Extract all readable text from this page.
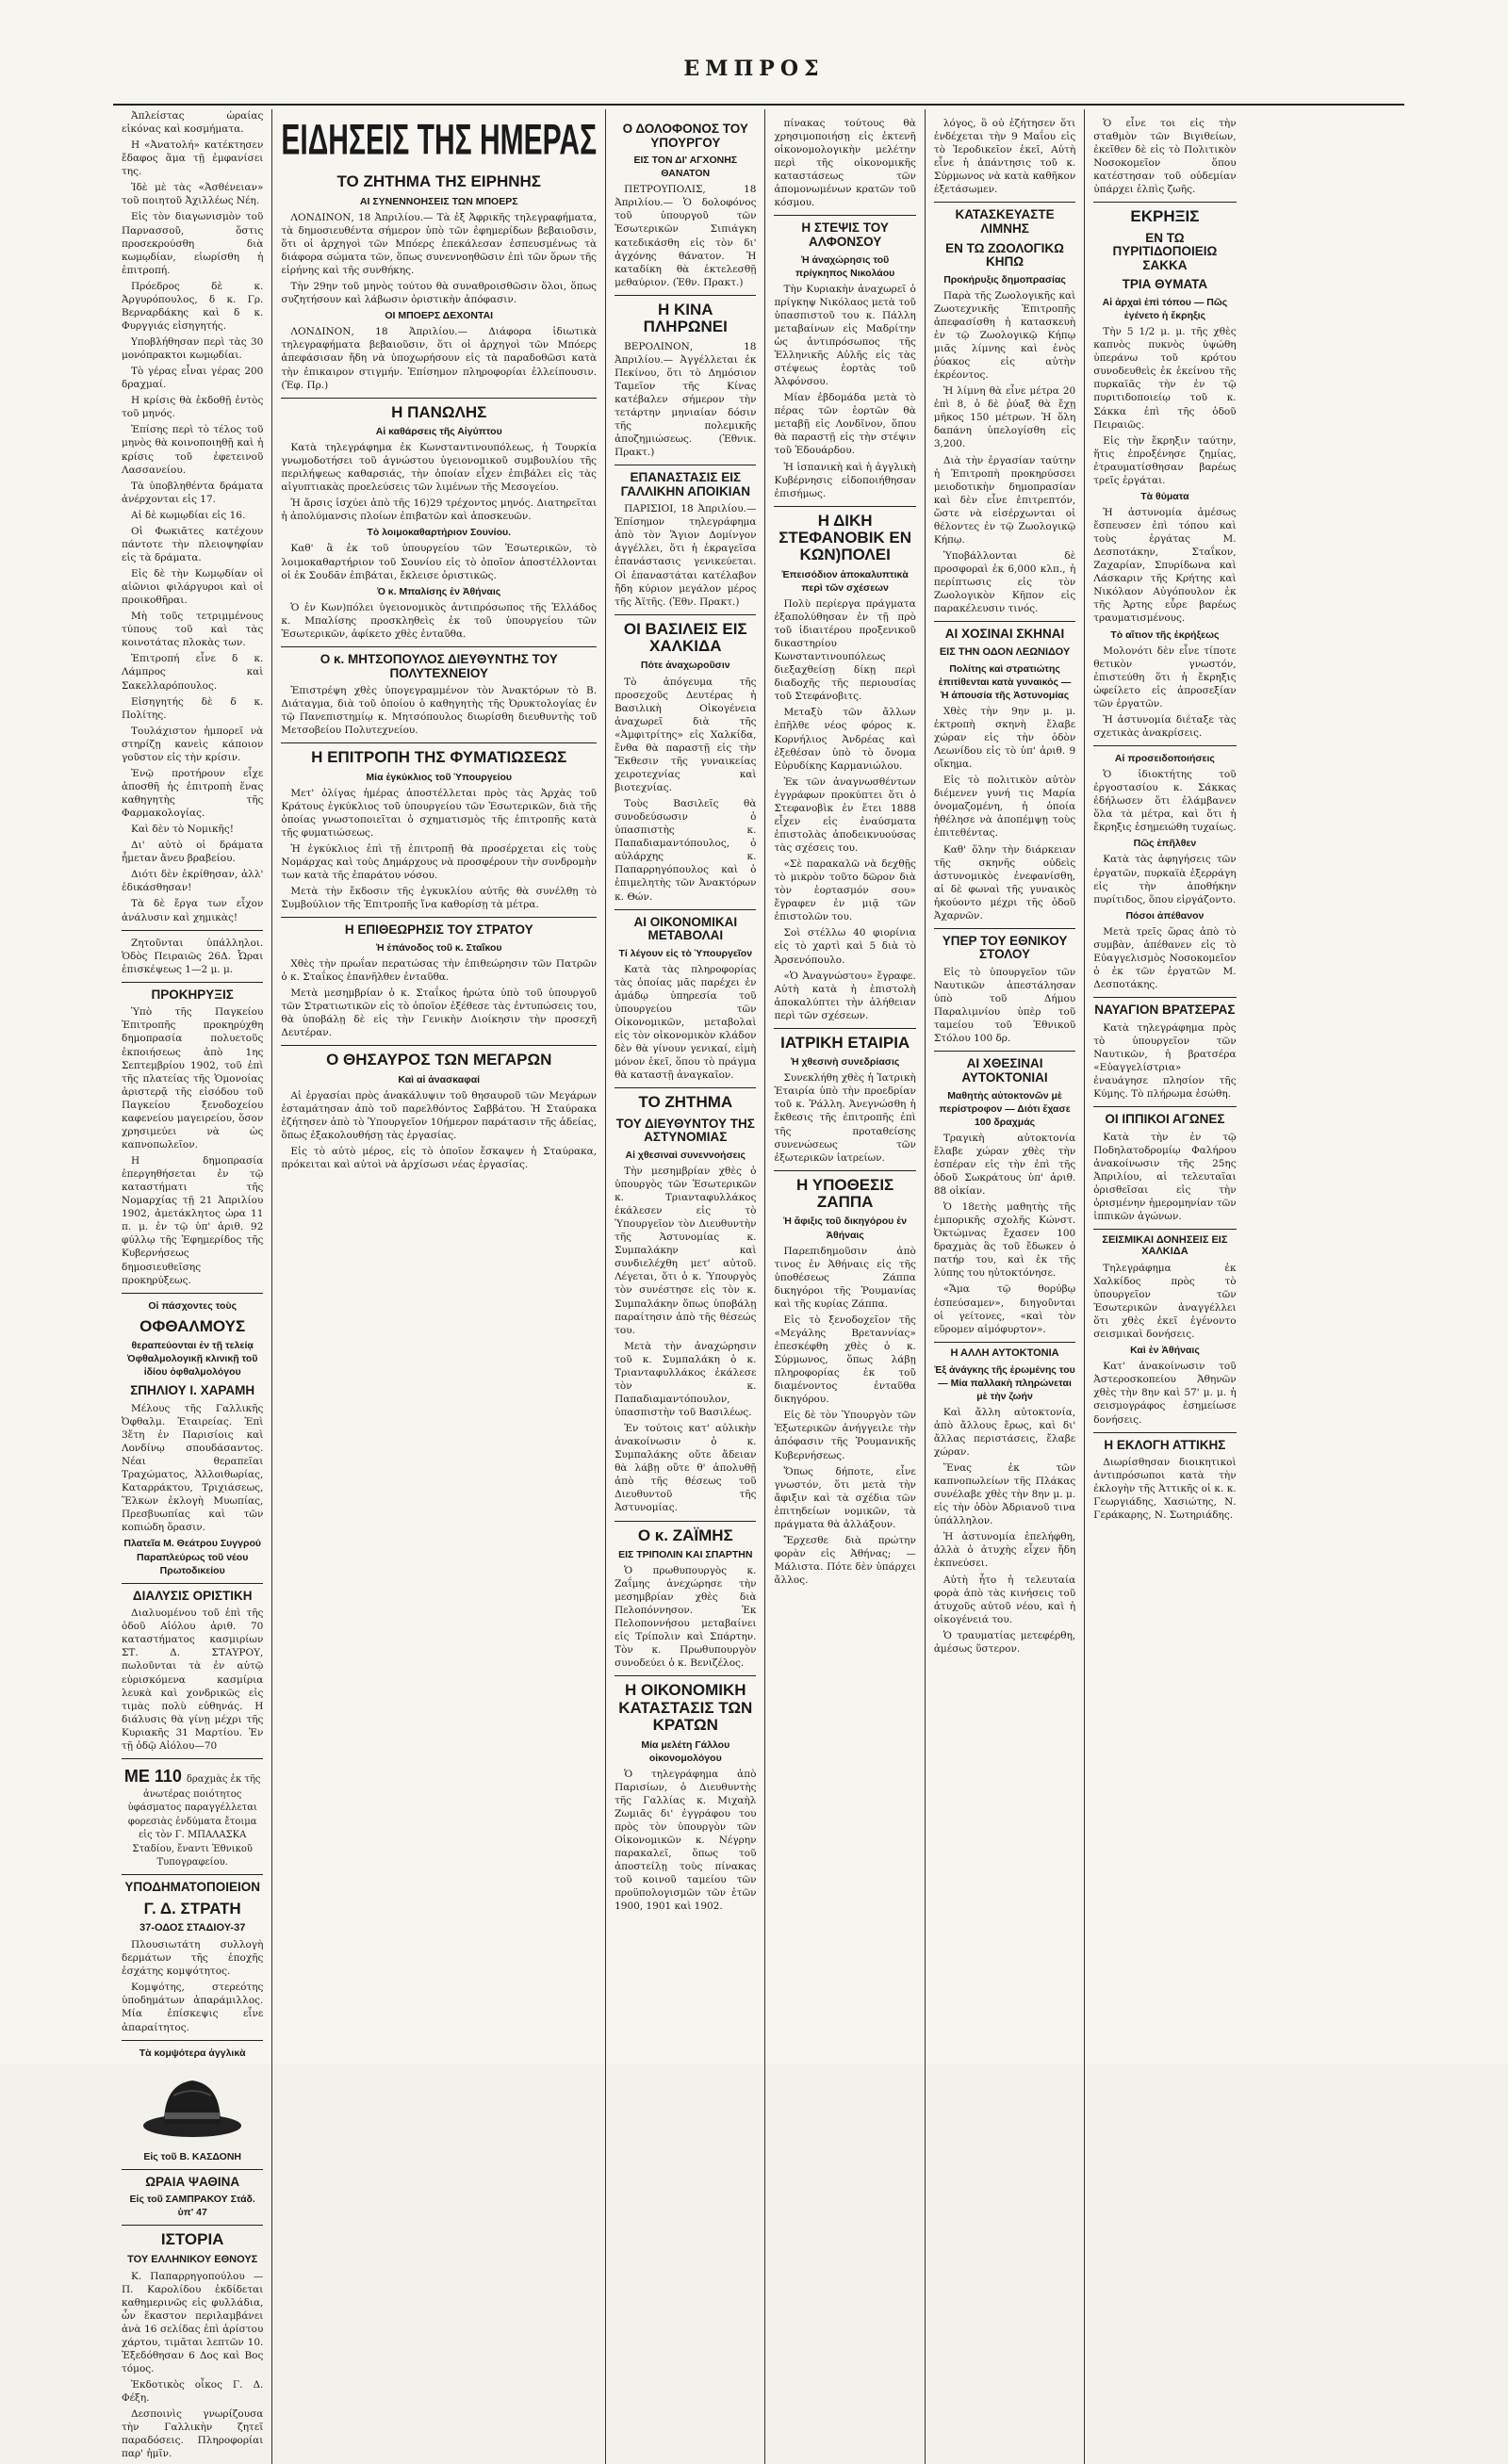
ΕΜΠΡΟΣ

Ἀπλείστας ὡραίας εἰκόνας καὶ κοσμήματα.

Η «Ἀνατολή» κατέκτησεν ἔδαφος ἅμα τῇ ἐμφανίσει της.

Ἰδὲ μὲ τὰς «Ἀσθένειαν» τοῦ ποιητοῦ Ἀχιλλέως Νέη.

Εἰς τὸν διαγωνισμὸν τοῦ Παρνασσοῦ, ὅστις προσεκρούσθη διὰ κωμῳδίαν, εἰωρίσθη ἡ ἐπιτροπή.

Πρόεδρος δὲ κ. Ἀργυρόπουλος, δ κ. Γρ. Βερναρδάκης καὶ δ κ. Φυργγιάς εἰσηγητής.

Υποβλήθησαν περὶ τὰς 30 μονόπρακτοι κωμῳδίαι.

Τὸ γέρας εἶναι γέρας 200 δραχμαί.

Η κρίσις θὰ ἐκδοθῇ ἐντὸς τοῦ μηνός.

Ἐπίσης περὶ τὸ τέλος τοῦ μηνὸς θὰ κοινοποιηθῇ καὶ ἡ κρίσις τοῦ ἐφετεινοῦ Λασσανείου.

Τὰ ὑποβληθέντα δράματα ἀνέρχονται εἰς 17.

Αἱ δὲ κωμῳδίαι εἰς 16.

Οἱ Φωκιᾶτες κατέχουν πάντοτε τὴν πλειοψηφίαν εἰς τὰ δράματα.

Εἰς δὲ τὴν Κωμῳδίαν οἱ αἰῶνιοι φιλάργυροι καὶ οἱ προικοθῆραι.

Μὴ τοῦς τετριμμένους τύπους τοῦ καὶ τὰς κοινοτάτας πλοκὰς των.

Ἐπιτροπή εἶνε δ κ. Λάμπρος καὶ Σακελλαρόπουλος.

Εἰσηγητής δὲ δ κ. Πολίτης.

Τουλάχιστον ἠμπορεῖ νὰ στηρίζῃ κανεὶς κάποιον γοῦστον εἰς τὴν κρίσιν.

Ἐνῷ προτήρουν εἶχε ἀποσθῆ ἡς ἐπιτροπὴ ἕνας καθηγητὴς τῆς Φαρμακολογίας.

Καὶ δὲν τὸ Νομικῆς!

Δι' αὐτὸ οἱ δράματα ἦμεταν ἄνευ βραβείου.

Διότι δὲν ἐκρίθησαν, ἀλλ' ἐδικάσθησαν!

Τὰ δὲ ἔργα των εἶχον ἀνάλυσιν καὶ χημικὰς!

Ζητοῦνται ὑπάλληλοι. Ὁδὸς Πειραιῶς 26Δ. Ὧραι ἐπισκέψεως 1—2 μ. μ.

ΠΡΟΚΗΡΥΞΙΣ

Ὑπὸ τῆς Παγκείου Ἐπιτροπῆς προκηρύχθη δημοπρασία πολυετοῦς ἐκποιήσεως ἀπὸ 1ης Σεπτεμβρίου 1902, τοῦ ἐπὶ τῆς πλατείας τῆς Ὁμονοίας ἀριστερᾷ τῆς εἰσόδου τοῦ Παγκείου ξενοδοχείου καφενείου μαγειρείου, ὅσον χρησιμεύει νὰ ὡς καπνοπωλεῖον.

Η δημοπρασία ἐπεργηθήσεται ἐν τῷ καταστήματι τῆς Νομαρχίας τῇ 21 Ἀπριλίου 1902, ἀμετάκλητος ὡρα 11 π. μ. ἐν τῷ ὑπ' ἀριθ. 92 φύλλῳ τῆς Ἐφημερίδος τῆς Κυβερνήσεως δημοσιευθεῖσης προκηρύξεως.

Οἱ πάσχοντες τοὺς
ΟΦΘΑΛΜΟΥΣ
θεραπεύονται ἐν τῇ τελείᾳ Ὀφθαλμολογικῇ κλινικῇ τοῦ ἰδίου ὀφθαλμολόγου
ΣΠΗΛΙΟΥ Ι. ΧΑΡΑΜΗ

Μέλους τῆς Γαλλικῆς Ὀφθαλμ. Ἑταιρείας. Ἐπὶ 3ἔτη ἐν Παρισίοις καὶ Λονδίνῳ σπουδάσαντος. Νέαι θεραπεῖαι Τραχώματος, Ἀλλοιθωρίας, Καταρράκτου, Τριχιάσεως, Ἕλκων ἐκλογὴ Μυωπίας, Πρεσβυωπίας καὶ τῶν κοπιώδη ὅρασιν.

Πλατεῖα Μ. Θεάτρου Συγγρού Παραπλεύρως τοῦ νέου Πρωτοδικείου
ΔΙΑΛΥΣΙΣ ΟΡΙΣΤΙΚΗ

Διαλυομένου τοῦ ἐπὶ τῆς ὁδοῦ Αἰόλου ἀριθ. 70 καταστήματος κασμιρίων ΣΤ. Δ. ΣΤΑΥΡΟΥ, πωλοῦνται τὰ ἐν αὐτῷ εὑρισκόμενα κασμίρια λευκὰ καὶ χονδρικῶς εἰς τιμὰς πολὺ εὐθηνάς. Η διάλυσις θὰ γίνῃ μέχρι τῆς Κυριακῆς 31 Μαρτίου. Ἐν τῇ ὁδῷ Αἰόλου—70

ΜΕ 110 δραχμὰς ἐκ τῆς ἀνωτέρας ποιότητος ὑφάσματος παραγγέλλεται φορεσιὰς ἐνδύματα ἔτοιμα εἰς τὸν Γ. ΜΠΑΛΑΣΚΑ Σταδίου, ἔναντι Ἐθνικοῦ Τυπογραφείου.
ΥΠΟΔΗΜΑΤΟΠΟΙΕΙΟΝ
Γ. Δ. ΣΤΡΑΤΗ
37-ΟΔΟΣ ΣΤΑΔΙΟΥ-37

Πλουσιωτάτη συλλογὴ δερμάτων τῆς ἐποχῆς ἐσχάτης κομψότητος.

Κομψότης, στερεότης ὑποδημάτων ἀπαράμιλλος. Μία ἐπίσκεψις εἶνε ἀπαραίτητος.

Τὰ κομψότερα ἀγγλικὰ
Εἰς τοῦ Β. ΚΑΣΔΟΝΗ
ΩΡΑΙΑ ΨΑΘΙΝΑ
Εἰς τοῦ ΣΑΜΠΡΑΚΟΥ Στάδ. ὑπ' 47
ΙΣΤΟΡΙΑ
ΤΟΥ ΕΛΛΗΝΙΚΟΥ ΕΘΝΟΥΣ

Κ. Παπαρρηγοπούλου — Π. Καρολίδου ἐκδίδεται καθημερινῶς εἰς φυλλάδια, ὧν ἕκαστον περιλαμβάνει ἀνὰ 16 σελίδας ἐπὶ ἀρίστου χάρτου, τιμᾶται λεπτῶν 10. Ἐξεδόθησαν 6 Δος καὶ Βος τόμος.

Ἐκδοτικὸς οἶκος Γ. Δ. Φέξη.

Δεσποινὶς γνωρίζουσα τὴν Γαλλικὴν ζητεῖ παραδόσεις. Πληροφορίαι παρ' ἡμῖν.

ΕΙΔΗΣΕΙΣ ΤΗΣ ΗΜΕΡΑΣ
ΤΟ ΖΗΤΗΜΑ ΤΗΣ ΕΙΡΗΝΗΣ
ΑΙ ΣΥΝΕΝΝΟΗΣΕΙΣ ΤΩΝ ΜΠΟΕΡΣ

ΛΟΝΔΙΝΟΝ, 18 Ἀπριλίου.— Τὰ ἐξ Ἀφρικῆς τηλεγραφήματα, τὰ δημοσιευθέντα σήμερον ὑπὸ τῶν ἐφημερίδων βεβαιοῦσιν, ὅτι οἱ ἀρχηγοὶ τῶν Μπόερς ἐπεκάλεσαν ἐσπευσμένως τὰ διάφορα σώματα τῶν, ὅπως συνεννοηθῶσιν ἐπὶ τῶν ὅρων τῆς εἰρήνης καὶ τῆς συνθήκης.

Τὴν 29ην τοῦ μηνὸς τούτου θὰ συναθροισθῶσιν ὅλοι, ὅπως συζητήσουν καὶ λάβωσιν ὁριστικὴν ἀπόφασιν.

ΟΙ ΜΠΟΕΡΣ ΔΕΧΟΝΤΑΙ

ΛΟΝΔΙΝΟΝ, 18 Ἀπριλίου.— Διάφορα ἰδιωτικὰ τηλεγραφήματα βεβαιοῦσιν, ὅτι οἱ ἀρχηγοὶ τῶν Μπόερς ἀπεφάσισαν ἤδη νὰ ὑποχωρήσουν εἰς τὰ παραδοθῶσι κατὰ τὴν ἐπικαιρον στιγμήν. Ἐπίσημον πληροφορίαι ἐλλείπουσιν. (Ἐφ. Πρ.)

Η ΠΑΝΩΛΗΣ
Αἱ καθάρσεις τῆς Αἰγύπτου

Κατὰ τηλεγράφημα ἐκ Κωνσταντινουπόλεως, ἡ Τουρκία γνωμοδοτήσει τοῦ ἀγνώστου ὑγειονομικοῦ συμβουλίου τῆς περιλήψεως καθαρσιάς, τὴν ὁποίαν εἶχεν ἐπιβάλει εἰς τὰς αἰγυπτιακὰς προελεύσεις τῶν λιμένων τῆς Μεσογείου.

Ἡ ἄρσις ἰσχύει ἀπὸ τῆς 16)29 τρέχοντος μηνός. Διατηρεῖται ἡ ἀπολύμανσις πλοίων ἐπιβατῶν καὶ ἀποσκευῶν.

Τὸ λοιμοκαθαρτήριον Σουνίου.

Καθ' ἃ ἐκ τοῦ ὑπουργείου τῶν Ἐσωτερικῶν, τὸ λοιμοκαθαρτήριον τοῦ Σουνίου εἰς τὸ ὁποῖον ἀποστέλλονται οἱ ἐκ Σουδᾶν ἐπιβάται, ἔκλεισε ὁριστικῶς.

Ὁ κ. Μπαλίσης ἐν Ἀθήναις

Ὁ ἐν Κων)πόλει ὑγειονομικὸς ἀντιπρόσωπος τῆς Ἑλλάδος κ. Μπαλίσης προσκληθεὶς ἐκ τοῦ ὑπουργείου τῶν Ἐσωτερικῶν, ἀφίκετο χθὲς ἐνταῦθα.

Ο κ. ΜΗΤΣΟΠΟΥΛΟΣ ΔΙΕΥΘΥΝΤΗΣ ΤΟΥ ΠΟΛΥΤΕΧΝΕΙΟΥ

Ἐπιστρέψη χθὲς ὑπογεγραμμένον τὸν Ἀνακτόρων τὸ Β. Διάταγμα, διὰ τοῦ ὁποίου ὁ καθηγητὴς τῆς Ὀρυκτολογίας ἐν τῷ Πανεπιστημίῳ κ. Μητσόπουλος διωρίσθη διευθυντὴς τοῦ Μετσοβείου Πολυτεχνείου.

Η ΕΠΙΤΡΟΠΗ ΤΗΣ ΦΥΜΑΤΙΩΣΕΩΣ
Μία ἐγκύκλιος τοῦ Ὑπουργείου

Μετ' ὀλίγας ἡμέρας ἀποστέλλεται πρὸς τὰς Ἀρχὰς τοῦ Κράτους ἐγκύκλιος τοῦ ὑπουργείου τῶν Ἐσωτερικῶν, διὰ τῆς ὁποίας γνωστοποιεῖται ὁ σχηματισμὸς τῆς ἐπιτροπῆς κατὰ τῆς φυματιώσεως.

Ἡ ἐγκύκλιος ἐπὶ τῇ ἐπιτροπῇ θὰ προσέρχεται εἰς τοὺς Νομάρχας καὶ τοὺς Δημάρχους νὰ προσφέρουν τὴν συνδρομὴν των κατὰ τῆς ἐπαράτου νόσου.

Μετὰ τὴν ἔκδοσιν τῆς ἐγκυκλίου αὐτῆς θὰ συνέλθῃ τὸ Συμβούλιον τῆς Ἐπιτροπῆς ἵνα καθορίσῃ τὰ μέτρα.

Η ΕΠΙΘΕΩΡΗΣΙΣ ΤΟΥ ΣΤΡΑΤΟΥ
Ἡ ἐπάνοδος τοῦ κ. Σταΐκου

Χθὲς τὴν πρωΐαν περατώσας τὴν ἐπιθεώρησιν τῶν Πατρῶν ὁ κ. Σταΐκος ἐπανῆλθεν ἐνταῦθα.

Μετὰ μεσημβρίαν ὁ κ. Σταΐκος ἠρώτα ὑπὸ τοῦ ὑπουργοῦ τῶν Στρατιωτικῶν εἰς τὸ ὁποῖον ἐξέθεσε τὰς ἐντυπώσεις του, θὰ ὑποβάλῃ δὲ εἰς τὴν Γενικὴν Διοίκησιν τὴν προσεχῆ Δευτέραν.

Ο ΘΗΣΑΥΡΟΣ ΤΩΝ ΜΕΓΑΡΩΝ
Καὶ αἱ ἀνασκαφαί

Αἱ ἐργασίαι πρὸς ἀνακάλυψιν τοῦ θησαυροῦ τῶν Μεγάρων ἐσταμάτησαν ἀπὸ τοῦ παρελθόντος Σαββάτου. Ἡ Σταύρακα ἐζήτησεν ἀπὸ τὸ Ὑπουργεῖον 10ήμερον παράτασιν τῆς ἀδείας, ὅπως ἐξακολουθήσῃ τὰς ἐργασίας.

Εἰς τὸ αὐτὸ μέρος, εἰς τὸ ὁποῖον ἔσκαψεν ἡ Σταύρακα, πρόκειται καὶ αὐτοὶ νὰ ἀρχίσωσι νέας ἐργασίας.

Ο ΔΟΛΟΦΟΝΟΣ ΤΟΥ ΥΠΟΥΡΓΟΥ
ΕΙΣ ΤΟΝ ΔΙ' ΑΓΧΟΝΗΣ ΘΑΝΑΤΟΝ

ΠΕΤΡΟΥΠΟΛΙΣ, 18 Ἀπριλίου.— Ὁ δολοφόνος τοῦ ὑπουργοῦ τῶν Ἐσωτερικῶν Σιπιάγκη κατεδικάσθη εἰς τὸν δι' ἀγχόνης θάνατον. Ἡ καταδίκη θὰ ἐκτελεσθῇ μεθαύριον. (Ἐθν. Πρακτ.)

Η ΚΙΝΑ ΠΛΗΡΩΝΕΙ

ΒΕΡΟΛΙΝΟΝ, 18 Ἀπριλίου.— Ἀγγέλλεται ἐκ Πεκίνου, ὅτι τὸ Δημόσιον Ταμεῖον τῆς Κίνας κατέβαλεν σήμερον τὴν τετάρτην μηνιαίαν δόσιν τῆς πολεμικῆς ἀποζημιώσεως. (Ἐθνικ. Πρακτ.)

ΕΠΑΝΑΣΤΑΣΙΣ ΕΙΣ ΓΑΛΛΙΚΗΝ ΑΠΟΙΚΙΑΝ

ΠΑΡΙΣΙΟΙ, 18 Ἀπριλίου.— Ἐπίσημον τηλεγράφημα ἀπὸ τὸν Ἅγιον Δομίνγον ἀγγέλλει, ὅτι ἡ ἐκραγεῖσα ἐπανάστασις γενικεύεται. Οἱ ἐπαναστάται κατέλαβον ἤδη κύριον μεγάλον μέρος τῆς Ἀϊτῆς. (Ἐθν. Πρακτ.)

ΟΙ ΒΑΣΙΛΕΙΣ ΕΙΣ ΧΑΛΚΙΔΑ
Πότε ἀναχωροῦσιν

Τὸ ἀπόγευμα τῆς προσεχοῦς Δευτέρας ἡ Βασιλικὴ Οἰκογένεια ἀναχωρεῖ διὰ τῆς «Ἀμφιτρίτης» εἰς Χαλκίδα, ἔνθα θὰ παραστῇ εἰς τὴν Ἔκθεσιν τῆς γυναικείας χειροτεχνίας καὶ βιοτεχνίας.

Τοὺς Βασιλεῖς θὰ συνοδεύσωσιν ὁ ὑπασπιστὴς κ. Παπαδιαμαντόπουλος, ὁ αὐλάρχης κ. Παπαρρηγόπουλος καὶ ὁ ἐπιμελητὴς τῶν Ἀνακτόρων κ. Θών.

ΑΙ ΟΙΚΟΝΟΜΙΚΑΙ ΜΕΤΑΒΟΛΑΙ
Τί λέγουν εἰς τὸ Ὑπουργεῖον

Κατὰ τὰς πληροφορίας τὰς ὁποίας μᾶς παρέχει ἐν ἀμάδῳ ὑπηρεσία τοῦ ὑπουργείου τῶν Οἰκονομικῶν, μεταβολαὶ εἰς τὸν οἰκονομικὸν κλάδον δὲν θὰ γίνουν γενικαί, εἰμὴ μόνον ἐκεῖ, ὅπου τὸ πράγμα θὰ καταστῇ ἀναγκαῖον.

ΤΟ ΖΗΤΗΜΑ
ΤΟΥ ΔΙΕΥΘΥΝΤΟΥ ΤΗΣ ΑΣΤΥΝΟΜΙΑΣ
Αἱ χθεσιναὶ συνεννοήσεις

Τὴν μεσημβρίαν χθὲς ὁ ὑπουργὸς τῶν Ἐσωτερικῶν κ. Τριανταφυλλάκος ἐκάλεσεν εἰς τὸ Ὑπουργεῖον τὸν Διευθυντὴν τῆς Ἀστυνομίας κ. Συμπαλάκην καὶ συνδιελέχθη μετ' αὐτοῦ. Λέγεται, ὅτι ὁ κ. Ὑπουργὸς τὸν συνέστησε εἰς τὸν κ. Συμπαλάκην ὅπως ὑποβάλῃ παραίτησιν ἀπὸ τῆς θέσεώς του.

Μετὰ τὴν ἀναχώρησιν τοῦ κ. Συμπαλάκη ὁ κ. Τριανταφυλλάκος ἐκάλεσε τὸν κ. Παπαδιαμαντόπουλον, ὑπασπιστὴν τοῦ Βασιλέως.

Ἐν τούτοις κατ' αὐλικὴν ἀνακοίνωσιν ὁ κ. Συμπαλάκης οὔτε ἄδειαν θὰ λάβῃ οὔτε θ' ἀπολυθῇ ἀπὸ τῆς θέσεως τοῦ Διευθυντοῦ τῆς Ἀστυνομίας.

Ο κ. ΖΑΪΜΗΣ
ΕΙΣ ΤΡΙΠΟΛΙΝ ΚΑΙ ΣΠΑΡΤΗΝ

Ὁ πρωθυπουργὸς κ. Ζαΐμης ἀνεχώρησε τὴν μεσημβρίαν χθὲς διὰ Πελοπόννησον. Ἐκ Πελοποννήσου μεταβαίνει εἰς Τρίπολιν καὶ Σπάρτην. Τὸν κ. Πρωθυπουργὸν συνοδεύει ὁ κ. Βενιζέλος.

Η ΟΙΚΟΝΟΜΙΚΗ ΚΑΤΑΣΤΑΣΙΣ ΤΩΝ ΚΡΑΤΩΝ
Μία μελέτη Γάλλου οἰκονομολόγου

Ὁ τηλεγράφημα ἀπὸ Παρισίων, ὁ Διευθυντὴς τῆς Γαλλίας κ. Μιχαὴλ Ζωμιᾶς δι' ἐγγράφου του πρὸς τὸν ὑπουργὸν τῶν Οἰκονομικῶν κ. Νέγρην παρακαλεῖ, ὅπως τοῦ ἀποστείλῃ τοὺς πίνακας τοῦ κοινοῦ ταμείου τῶν προϋπολογισμῶν τῶν ἐτῶν 1900, 1901 καὶ 1902.

πίνακας τούτους θὰ χρησιμοποιήσῃ εἰς ἐκτενῆ οἰκονομολογικὴν μελέτην περὶ τῆς οἰκονομικῆς καταστάσεως τῶν ἀπομονωμένων κρατῶν τοῦ κόσμου.

Η ΣΤΕΨΙΣ ΤΟΥ ΑΛΦΟΝΣΟΥ
Ἡ ἀναχώρησις τοῦ πρίγκηπος Νικολάου

Τὴν Κυριακὴν ἀναχωρεῖ ὁ πρίγκηψ Νικόλαος μετὰ τοῦ ὑπασπιστοῦ του κ. Πάλλη μεταβαίνων εἰς Μαδρίτην ὡς ἀντιπρόσωπος τῆς Ἑλληνικῆς Αὐλῆς εἰς τὰς στέψεως ἑορτὰς τοῦ Ἀλφόνσου.

Μίαν ἑβδομάδα μετὰ τὸ πέρας τῶν ἑορτῶν θὰ μεταβῇ εἰς Λονδῖνον, ὅπου θὰ παραστῇ εἰς τὴν στέψιν τοῦ Ἐδουάρδου.

Ἡ ἱσπανικὴ καὶ ἡ ἀγγλικὴ Κυβέρνησις εἰδοποιήθησαν ἐπισήμως.

Η ΔΙΚΗ ΣΤΕΦΑΝΟΒΙΚ ΕΝ ΚΩΝ)ΠΟΛΕΙ
Ἐπεισόδιον ἀποκαλυπτικὰ περὶ τῶν σχέσεων

Πολὺ περίεργα πράγματα ἐξαπολύθησαν ἐν τῇ πρὸ τοῦ ἰδιαιτέρου προξενικοῦ δικαστηρίου Κωνσταντινουπόλεως διεξαχθείσῃ δίκῃ περὶ διαδοχῆς τῆς περιουσίας τοῦ Στεφάνοβιτς.

Μεταξὺ τῶν ἄλλων ἐπῆλθε νέος φόρος κ. Κορνήλιος Ἀνδρέας καὶ ἐξεθέσαν ὑπὸ τὸ ὄνομα Εὐρυδίκης Καρμανιώλου.

Ἐκ τῶν ἀναγνωσθέντων ἐγγράφων προκύπτει ὅτι ὁ Στεφανοβὶκ ἐν ἔτει 1888 εἶχεν εἰς ἐναύσματα ἐπιστολὰς ἀποδεικνυούσας τὰς σχέσεις του.

«Σὲ παρακαλῶ νὰ δεχθῇς τὸ μικρὸν τοῦτο δῶρον διὰ τὸν ἑορτασμόν σου» ἔγραφεν ἐν μιᾷ τῶν ἐπιστολῶν του.

Σοὶ στέλλω 40 φιορίνια εἰς τὸ χαρτὶ καὶ 5 διὰ τὸ Ἀρσενόπουλο.

«Ὁ Ἀναγνώστου» ἔγραφε. Αὐτὴ κατὰ ἡ ἐπιστολὴ ἀποκαλύπτει τὴν ἀλήθειαν περὶ τῶν σχέσεων.

ΙΑΤΡΙΚΗ ΕΤΑΙΡΙΑ
Ἡ χθεσινὴ συνεδρίασις

Συνεκλήθη χθὲς ἡ Ἰατρικὴ Ἑταιρία ὑπὸ τὴν προεδρίαν τοῦ κ. Ῥάλλη. Ἀνεγνώσθη ἡ ἔκθεσις τῆς ἐπιτροπῆς ἐπὶ τῆς προταθείσης συνενώσεως τῶν ἐξωτερικῶν ἰατρείων.

Η ΥΠΟΘΕΣΙΣ ΖΑΠΠΑ
Ἡ ἄφιξις τοῦ δικηγόρου ἐν Ἀθήναις

Παρεπιδημοῦσιν ἀπὸ τινος ἐν Ἀθήναις εἰς τῆς ὑποθέσεως Ζάππα δικηγόροι τῆς Ῥουμανίας καὶ τῆς κυρίας Ζάππα.

Εἰς τὸ ξενοδοχεῖον τῆς «Μεγάλης Βρεταννίας» ἐπεσκέφθη χθὲς ὁ κ. Σύρμωνος, ὅπως λάβῃ πληροφορίας ἐκ τοῦ διαμένοντος ἐνταῦθα δικηγόρου.

Εἰς δὲ τὸν Ὑπουργὸν τῶν Ἐξωτερικῶν ἀνήγγειλε τὴν ἀπόφασιν τῆς Ῥουμανικῆς Κυβερνήσεως.

Ὅπως δήποτε, εἶνε γνωστόν, ὅτι μετὰ τὴν ἄφιξιν καὶ τὰ σχέδια τῶν ἐπιτηδείων νομικῶν, τὰ πράγματα θὰ ἀλλάξουν.

Ἔρχεσθε διὰ πρώτην φορὰν εἰς Ἀθήνας; — Μάλιστα. Πότε δὲν ὑπάρχει ἄλλος.

λόγος, ὃ οὐ ἐζήτησεν ὅτι ἐνδέχεται τὴν 9 Μαΐου εἰς τὸ Ἱεροδικεῖον ἐκεῖ, Αὐτὴ εἶνε ἡ ἀπάντησις τοῦ κ. Σύρμωνος νὰ κατὰ καθῆκον ἐξετάσωμεν.

ΚΑΤΑΣΚΕΥΑΣΤΕ ΛΙΜΝΗΣ
ΕΝ ΤΩ ΖΩΟΛΟΓΙΚΩ ΚΗΠΩ
Προκήρυξις δημοπρασίας

Παρὰ τῆς Ζωολογικῆς καὶ Ζωοτεχνικῆς Ἐπιτροπῆς ἀπεφασίσθη ἡ κατασκευὴ ἐν τῷ Ζωολογικῷ Κήπῳ μιᾶς λίμνης καὶ ἑνὸς ῥύακος εἰς αὐτὴν ἐκρέοντος.

Ἡ λίμνη θὰ εἶνε μέτρα 20 ἐπὶ 8, ὁ δὲ ῥύαξ θὰ ἔχῃ μῆκος 150 μέτρων. Ἡ ὅλη δαπάνη ὑπελογίσθη εἰς 3,200.

Διὰ τὴν ἐργασίαν ταύτην ἡ Ἐπιτροπὴ προκηρύσσει μειοδοτικὴν δημοπρασίαν καὶ δὲν εἶνε ἐπιτρεπτόν, ὥστε νὰ εἰσέρχωνται οἱ θέλοντες ἐν τῷ Ζωολογικῷ Κήπῳ.

Ὑποβάλλονται δὲ προσφοραὶ ἐκ 6,000 κλπ., ἡ περίπτωσις εἰς τὸν Ζωολογικὸν Κῆπον εἰς παρακέλευσιν τινός.

ΑΙ ΧΟΣΙΝΑΙ ΣΚΗΝΑΙ
ΕΙΣ ΤΗΝ ΟΔΟΝ ΛΕΩΝΙΔΟΥ
Πολίτης καὶ στρατιώτης ἐπιτίθενται κατὰ γυναικός — Ἡ ἀπουσία τῆς Ἀστυνομίας

Χθὲς τὴν 9ην μ. μ. ἐκτροπὴ σκηνὴ ἔλαβε χώραν εἰς τὴν ὁδὸν Λεωνίδου εἰς τὸ ὑπ' ἀριθ. 9 οἴκημα.

Εἰς τὸ πολιτικὸν αὐτὸν διέμενεν γυνή τις Μαρία ὀνομαζομένη, ἡ ὁποία ἠθέλησε νὰ ἀποπέμψῃ τοὺς ἐπιτεθέντας.

Καθ' ὅλην τὴν διάρκειαν τῆς σκηνῆς οὐδεὶς ἀστυνομικὸς ἐνεφανίσθη, αἱ δὲ φωναὶ τῆς γυναικὸς ἠκούοντο μέχρι τῆς ὁδοῦ Ἀχαρνῶν.

ΥΠΕΡ ΤΟΥ ΕΘΝΙΚΟΥ ΣΤΟΛΟΥ

Εἰς τὸ ὑπουργεῖον τῶν Ναυτικῶν ἀπεστάλησαν ὑπὸ τοῦ Δήμου Παραλιμνίου ὑπὲρ τοῦ ταμείου τοῦ Ἐθνικοῦ Στόλου 100 δρ.

ΑΙ ΧΘΕΣΙΝΑΙ ΑΥΤΟΚΤΟΝΙΑΙ
Μαθητὴς αὐτοκτονῶν μὲ περίστροφον — Διότι ἔχασε 100 δραχμάς

Τραγικὴ αὐτοκτονία ἔλαβε χώραν χθὲς τὴν ἑσπέραν εἰς τὴν ἐπὶ τῆς ὁδοῦ Σωκράτους ὑπ' ἀριθ. 88 οἰκίαν.

Ὁ 18ετὴς μαθητὴς τῆς ἐμπορικῆς σχολῆς Κώνστ. Ὀκτώμνας ἔχασεν 100 δραχμὰς ἃς τοῦ ἔδωκεν ὁ πατήρ του, καὶ ἐκ τῆς λύπης του ηὐτοκτόνησε.

«Ἄμα τῷ θορύβῳ ἐσπεύσαμεν», διηγοῦνται οἱ γείτονες, «καὶ τὸν εὕρομεν αἱμόφυρτον».

Η ΑΛΛΗ ΑΥΤΟΚΤΟΝΙΑ
Ἐξ ἀνάγκης τῆς ἐρωμένης του — Μία παλλακὴ πληρώνεται μὲ τὴν ζωήν

Καὶ ἄλλη αὐτοκτονία, ἀπὸ ἄλλους ἔρως, καὶ δι' ἄλλας περιστάσεις, ἔλαβε χώραν.

Ἕνας ἐκ τῶν καπνοπωλείων τῆς Πλάκας συνέλαβε χθὲς τὴν 8ην μ. μ. εἰς τὴν ὁδὸν Ἀδριανοῦ τινα ὑπάλληλον.

Ἡ ἀστυνομία ἐπελήφθη, ἀλλὰ ὁ ἀτυχὴς εἶχεν ἤδη ἐκπνεύσει.

Αὐτὴ ἦτο ἡ τελευταία φορὰ ἀπὸ τὰς κινήσεις τοῦ ἀτυχοῦς αὐτοῦ νέου, καὶ ἡ οἰκογένειά του.

Ὁ τραυματίας μετεφέρθη, ἀμέσως ὕστερον.

Ὁ εἶνε τοι εἰς τὴν σταθμὸν τῶν Βιγιθείων, ἐκεῖθεν δὲ εἰς τὸ Πολιτικὸν Νοσοκομεῖον ὅπου κατέστησαν τοῦ οὐδεμίαν ὑπάρχει ἐλπὶς ζωῆς.

ΕΚΡΗΞΙΣ
ΕΝ ΤΩ ΠΥΡΙΤΙΔΟΠΟΙΕΙΩ ΣΑΚΚΑ
ΤΡΙΑ ΘΥΜΑΤΑ
Αἱ ἀρχαὶ ἐπὶ τόπου — Πῶς ἐγένετο ἡ ἔκρηξις

Τὴν 5 1/2 μ. μ. τῆς χθὲς καπνὸς πυκνὸς ὑψώθη ὑπεράνω τοῦ κρότου συνοδευθεὶς ἐκ ἐκείνου τῆς πυρκαϊᾶς τὴν ἐν τῷ πυριτιδοποιείῳ τοῦ κ. Σάκκα ἐπὶ τῆς ὁδοῦ Πειραιῶς.

Εἰς τὴν ἔκρηξιν ταύτην, ἥτις ἐπροξένησε ζημίας, ἐτραυματίσθησαν βαρέως τρεῖς ἐργάται.

Τὰ θύματα

Ἡ ἀστυνομία ἀμέσως ἔσπευσεν ἐπὶ τόπου καὶ τοὺς ἐργάτας Μ. Δεσποτάκην, Σταΐκον, Ζαχαρίαν, Σπυρίδωνα καὶ Λάσκαριν τῆς Κρήτης καὶ Νικόλαον Αὐγόπουλον ἐκ τῆς Ἀρτης εὗρε βαρέως τραυματισμένους.

Τὸ αἴτιον τῆς ἐκρήξεως

Μολονότι δὲν εἶνε τίποτε θετικὸν γνωστόν, ἐπιστεύθη ὅτι ἡ ἔκρηξις ὠφείλετο εἰς ἀπροσεξίαν τῶν ἐργατῶν.

Ἡ ἀστυνομία διέταξε τὰς σχετικὰς ἀνακρίσεις.

Αἱ προσειδοποιήσεις

Ὁ ἰδιοκτήτης τοῦ ἐργοστασίου κ. Σάκκας ἐδήλωσεν ὅτι ἐλάμβανεν ὅλα τὰ μέτρα, καὶ ὅτι ἡ ἔκρηξις ἐσημειώθη τυχαίως.

Πῶς ἐπῆλθεν

Κατὰ τὰς ἀφηγήσεις τῶν ἐργατῶν, πυρκαϊὰ ἐξερράγη εἰς τὴν ἀποθήκην πυρίτιδος, ὅπου εἰργάζοντο.

Πόσοι ἀπέθανον

Μετὰ τρεῖς ὥρας ἀπὸ τὸ συμβὰν, ἀπέθανεν εἰς τὸ Εὐαγγελισμὸς Νοσοκομεῖον ὁ ἐκ τῶν ἐργατῶν Μ. Δεσποτάκης.

ΝΑΥΑΓΙΟΝ ΒΡΑΤΣΕΡΑΣ

Κατὰ τηλεγράφημα πρὸς τὸ ὑπουργεῖον τῶν Ναυτικῶν, ἡ βρατσέρα «Εὐαγγελίστρια» ἐναυάγησε πλησίον τῆς Κύμης. Τὸ πλήρωμα ἐσώθη.

ΟΙ ΙΠΠΙΚΟΙ ΑΓΩΝΕΣ

Κατὰ τὴν ἐν τῷ Ποδηλατοδρομίῳ Φαλήρου ἀνακοίνωσιν τῆς 25ης Ἀπριλίου, αἱ τελευταῖαι ὁρισθεῖσαι εἰς τὴν ὁρισμένην ἡμερομηνίαν τῶν ἱππικῶν ἀγώνων.

ΣΕΙΣΜΙΚΑΙ ΔΟΝΗΣΕΙΣ ΕΙΣ ΧΑΛΚΙΔΑ

Τηλεγράφημα ἐκ Χαλκίδος πρὸς τὸ ὑπουργεῖον τῶν Ἐσωτερικῶν ἀναγγέλλει ὅτι χθὲς ἐκεῖ ἐγένοντο σεισμικαὶ δονήσεις.

Καὶ ἐν Ἀθήναις

Κατ' ἀνακοίνωσιν τοῦ Ἀστεροσκοπείου Ἀθηνῶν χθὲς τὴν 8ην καὶ 57' μ. μ. ἡ σεισμογράφος ἐσημείωσε δονήσεις.

Η ΕΚΛΟΓΗ ΑΤΤΙΚΗΣ

Διωρίσθησαν διοικητικοὶ ἀντιπρόσωποι κατὰ τὴν ἐκλογὴν τῆς Ἀττικῆς οἱ κ. κ. Γεωργιάδης, Χασιώτης, Ν. Γεράκαρης, Ν. Σωτηριάδης.
